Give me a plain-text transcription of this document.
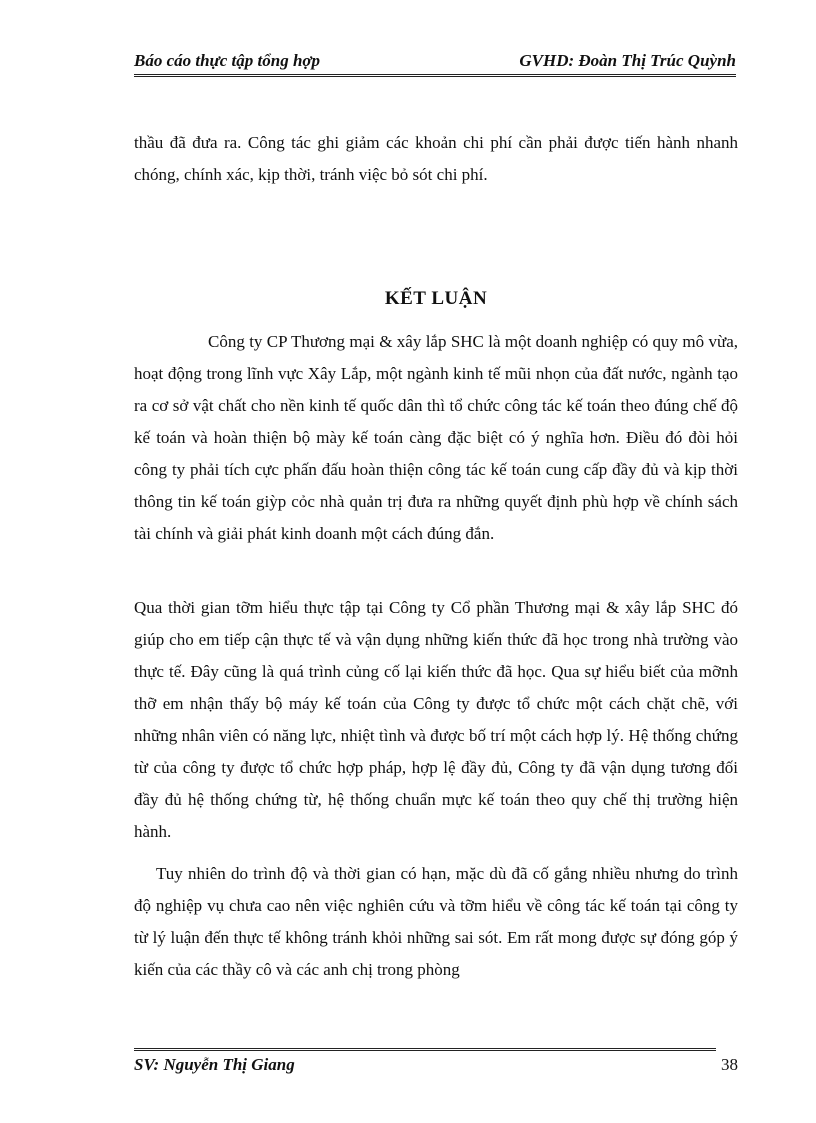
Báo cáo thực tập tổng hợp	GVHD: Đoàn Thị Trúc Quỳnh

thầu đã đưa ra. Công tác ghi giảm các khoản chi phí cần phải được tiến hành nhanh chóng, chính xác, kịp thời, tránh việc bỏ sót chi phí.

KẾT LUẬN

Công ty CP Thương mại & xây lắp SHC là một doanh nghiệp có quy mô vừa, hoạt động trong lĩnh vực Xây Lắp, một ngành kinh tế mũi nhọn của đất nước, ngành tạo ra cơ sở vật chất cho nền kinh tế quốc dân thì tổ chức công tác kế toán theo đúng chế độ kế toán và hoàn thiện bộ mày kế toán càng đặc biệt có ý nghĩa hơn. Điều đó đòi hỏi công ty phải tích cực phấn đấu hoàn thiện công tác kế toán cung cấp đầy đủ và kịp thời thông tin kế toán giỳp cỏc nhà quản trị đưa ra những quyết định phù hợp về chính sách tài chính và giải phát kinh doanh một cách đúng đắn.

Qua thời gian tỡm hiểu thực tập tại Công ty Cổ phần Thương mại & xây lắp SHC đó giúp cho em tiếp cận thực tế và vận dụng những kiến thức đã học trong nhà trường vào thực tế. Đây cũng là quá trình củng cố lại kiến thức đã học. Qua sự hiểu biết của mỡnh thỡ em nhận thấy bộ máy kế toán của Công ty được tổ chức một cách chặt chẽ, với những nhân viên có năng lực, nhiệt tình và được bố trí một cách hợp lý. Hệ thống chứng từ của công ty được tổ chức hợp pháp, hợp lệ đầy đủ, Công ty đã vận dụng tương đối đầy đủ hệ thống chứng từ, hệ thống chuẩn mực kế toán theo quy chế thị trường hiện hành.

Tuy nhiên do trình độ và thời gian có hạn, mặc dù đã cố gắng nhiều nhưng do trình độ nghiệp vụ chưa cao nên việc nghiên cứu và tỡm hiểu về công tác kế toán tại công ty từ lý luận đến thực tế không tránh khỏi những sai sót. Em rất mong được sự đóng góp ý kiến của các thầy cô và các anh chị trong phòng

SV: Nguyễn Thị Giang	38
